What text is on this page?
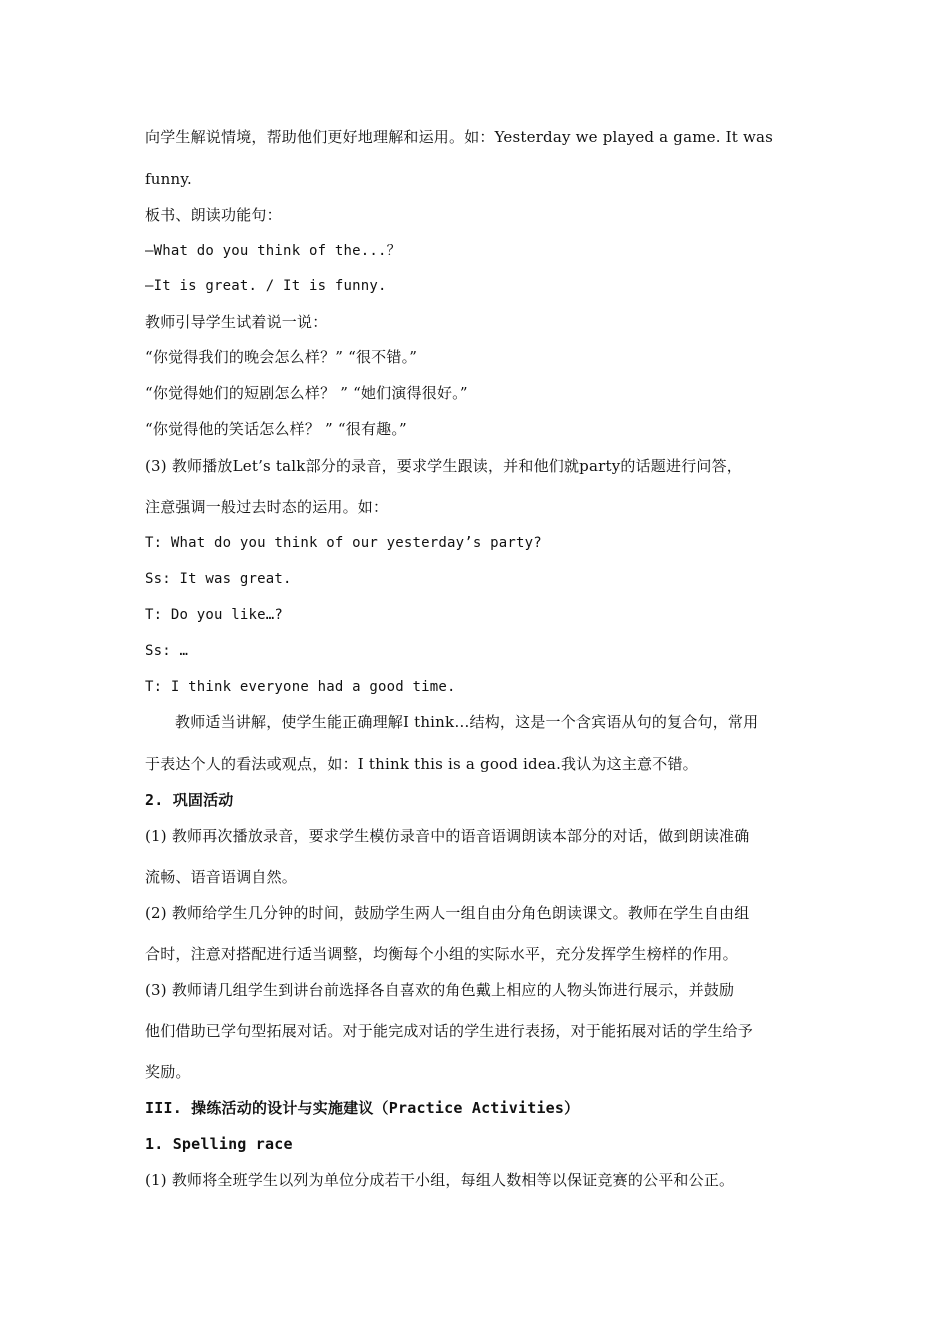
向学生解说情境，帮助他们更好地理解和运用。如：Yesterday we played a game. It was
funny.
板书、朗读功能句：
—What do you think of the...？
—It is great. / It is funny.
教师引导学生试着说一说：
“你觉得我们的晚会怎么样？” “很不错。”
“你觉得她们的短剧怎么样？ ” “她们演得很好。”
“你觉得他的笑话怎么样？ ” “很有趣。”
(3) 教师播放Let’s talk部分的录音，要求学生跟读，并和他们就party的话题进行问答，
注意强调一般过去时态的运用。如：
T: What do you think of our yesterday’s party?
Ss: It was great.
T: Do you like…?
Ss: …
T: I think everyone had a good time.
教师适当讲解，使学生能正确理解I think…结构，这是一个含宾语从句的复合句，常用
于表达个人的看法或观点，如：I think this is a good idea.我认为这主意不错。
2. 巩固活动
(1) 教师再次播放录音，要求学生模仿录音中的语音语调朗读本部分的对话，做到朗读准确
流畅、语音语调自然。
(2) 教师给学生几分钟的时间，鼓励学生两人一组自由分角色朗读课文。教师在学生自由组
合时，注意对搭配进行适当调整，均衡每个小组的实际水平，充分发挥学生榜样的作用。
(3) 教师请几组学生到讲台前选择各自喜欢的角色戴上相应的人物头饰进行展示，并鼓励
他们借助已学句型拓展对话。对于能完成对话的学生进行表扬，对于能拓展对话的学生给予
奖励。
III. 操练活动的设计与实施建议（Practice Activities）
1. Spelling race
(1) 教师将全班学生以列为单位分成若干小组，每组人数相等以保证竞赛的公平和公正。
